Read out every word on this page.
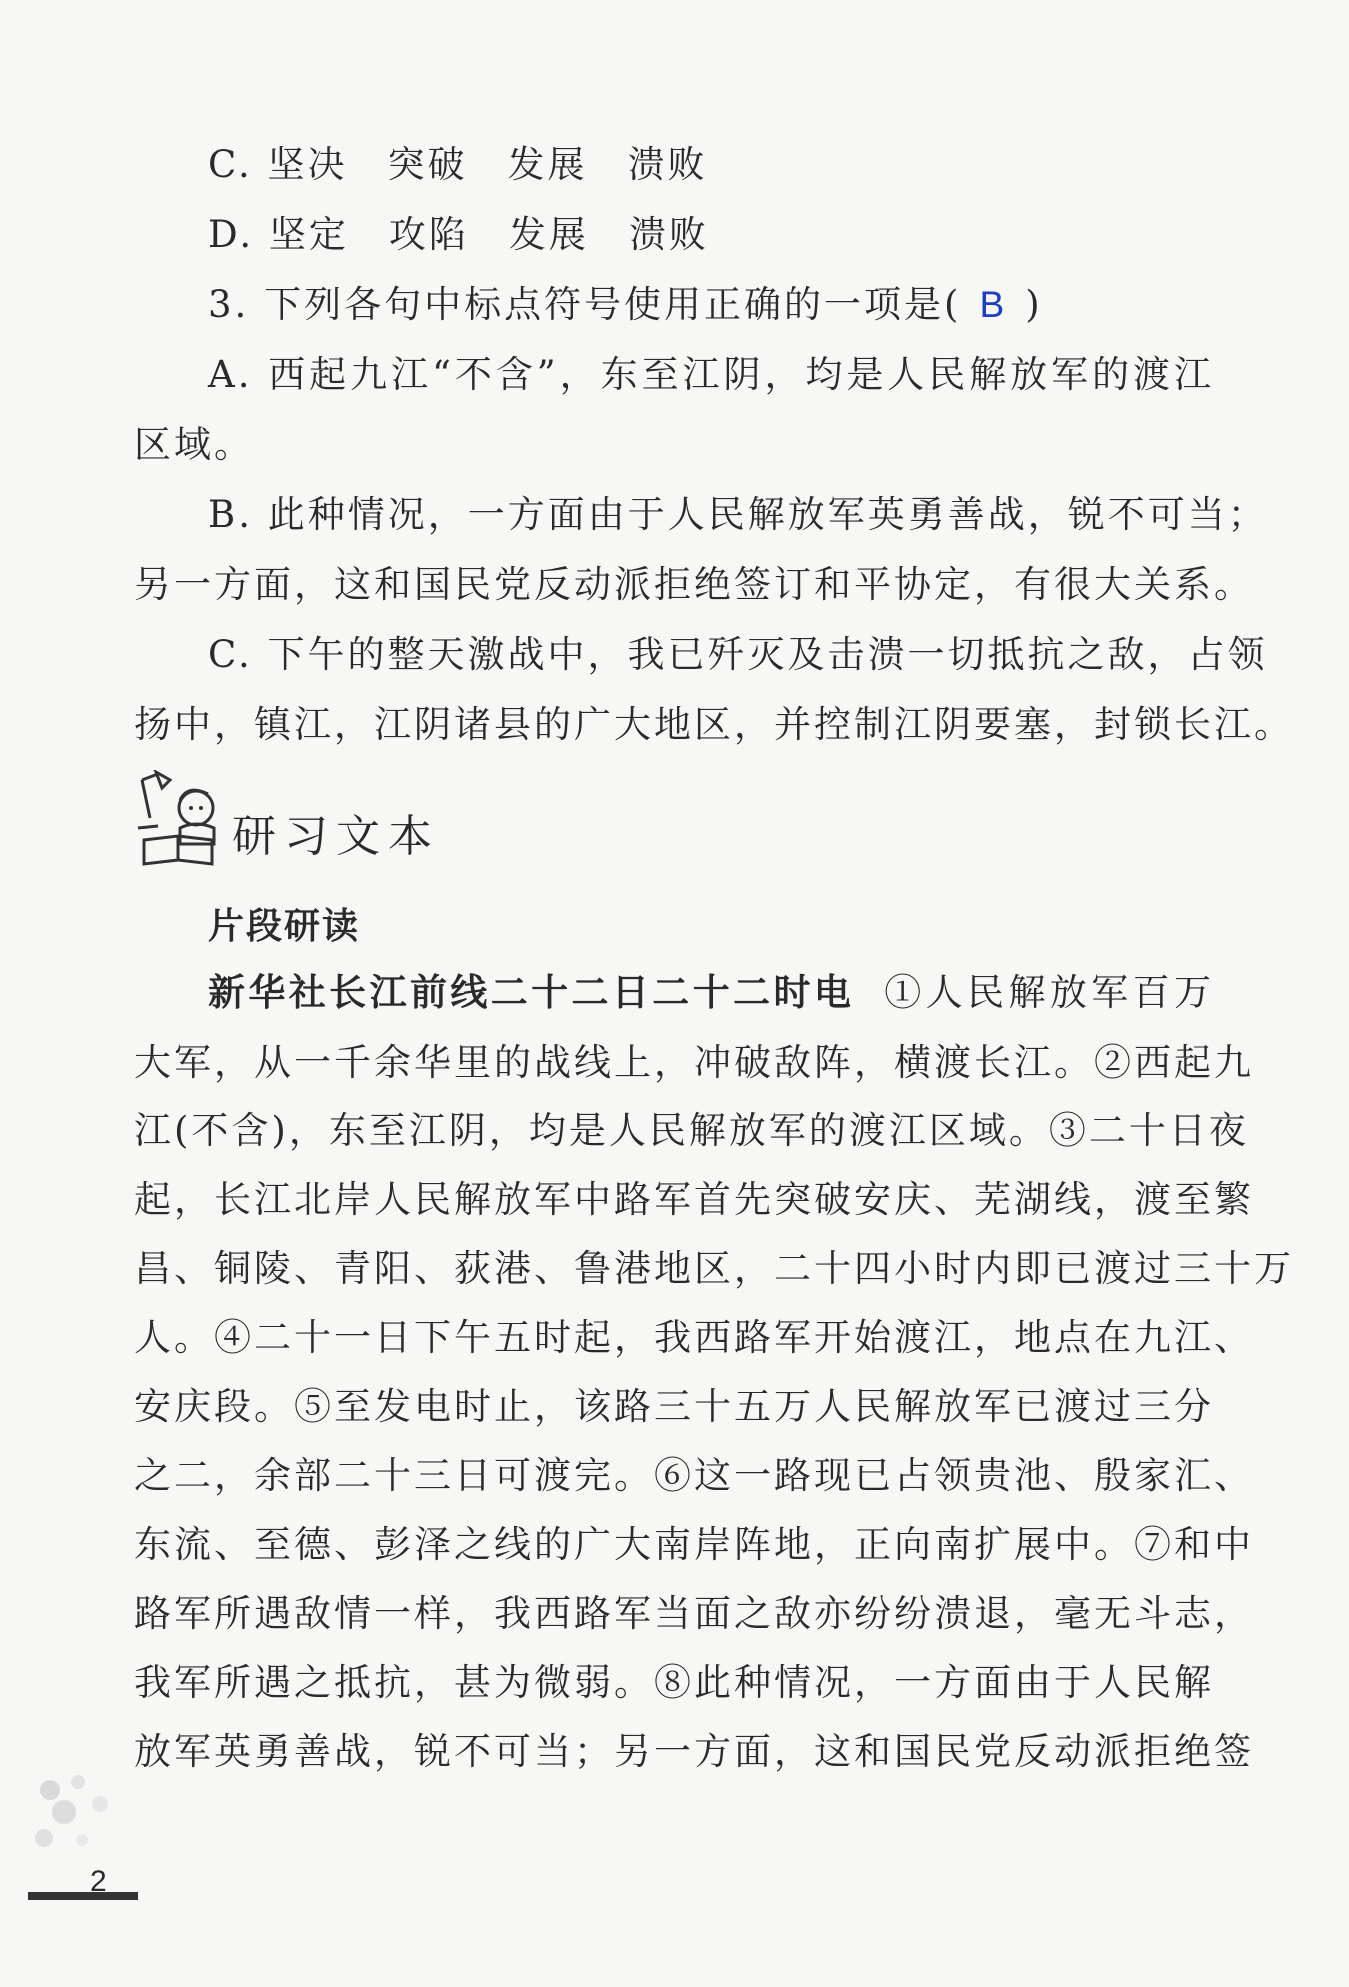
C. 坚决　突破　发展　溃败
D. 坚定　攻陷　发展　溃败
3. 下列各句中标点符号使用正确的一项是( B )
A. 西起九江“不含”，东至江阴，均是人民解放军的渡江
区域。
B. 此种情况，一方面由于人民解放军英勇善战，锐不可当；
另一方面，这和国民党反动派拒绝签订和平协定，有很大关系。
C. 下午的整天激战中，我已歼灭及击溃一切抵抗之敌，占领
扬中，镇江，江阴诸县的广大地区，并控制江阴要塞，封锁长江。
研习文本
片段研读
新华社长江前线二十二日二十二时电 ①人民解放军百万
大军，从一千余华里的战线上，冲破敌阵，横渡长江。②西起九
江(不含)，东至江阴，均是人民解放军的渡江区域。③二十日夜
起，长江北岸人民解放军中路军首先突破安庆、芜湖线，渡至繁
昌、铜陵、青阳、荻港、鲁港地区，二十四小时内即已渡过三十万
人。④二十一日下午五时起，我西路军开始渡江，地点在九江、
安庆段。⑤至发电时止，该路三十五万人民解放军已渡过三分
之二，余部二十三日可渡完。⑥这一路现已占领贵池、殷家汇、
东流、至德、彭泽之线的广大南岸阵地，正向南扩展中。⑦和中
路军所遇敌情一样，我西路军当面之敌亦纷纷溃退，毫无斗志，
我军所遇之抵抗，甚为微弱。⑧此种情况，一方面由于人民解
放军英勇善战，锐不可当；另一方面，这和国民党反动派拒绝签
2
